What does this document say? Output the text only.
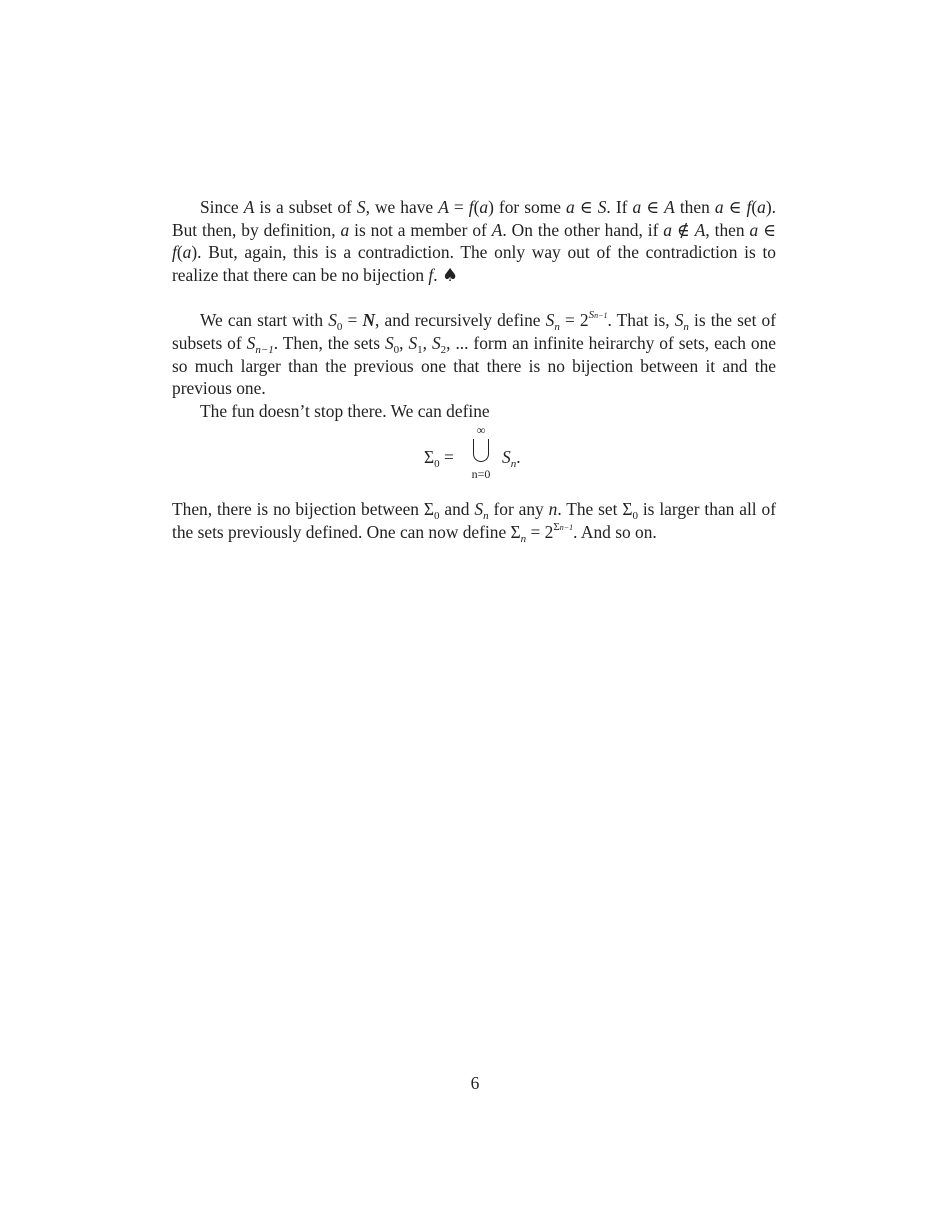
Since A is a subset of S, we have A = f(a) for some a ∈ S. If a ∈ A then a ∈ f(a). But then, by definition, a is not a member of A. On the other hand, if a ∉ A, then a ∈ f(a). But, again, this is a contradiction. The only way out of the contradiction is to realize that there can be no bijection f. ♠

We can start with $S_0 = N$, and recursively define $S_n = 2^{Sn-1}$. That is, $S_n$ is the set of subsets of $S_{n-1}$. Then, the sets $S_0$, $S_1$, $S_2$, ... form an infinite heirarchy of sets, each one so much larger than the previous one that there is no bijection between it and the previous one.

The fun doesn’t stop there. We can define

$\Sigma_0$ =
∞
n=0
$S_n$.

Then, there is no bijection between $\Sigma_0$ and $S_n$ for any n. The set $\Sigma_0$ is larger than all of the sets previously defined. One can now define $\Sigma_n = 2^{\Sigma n-1}$. And so on.

6
